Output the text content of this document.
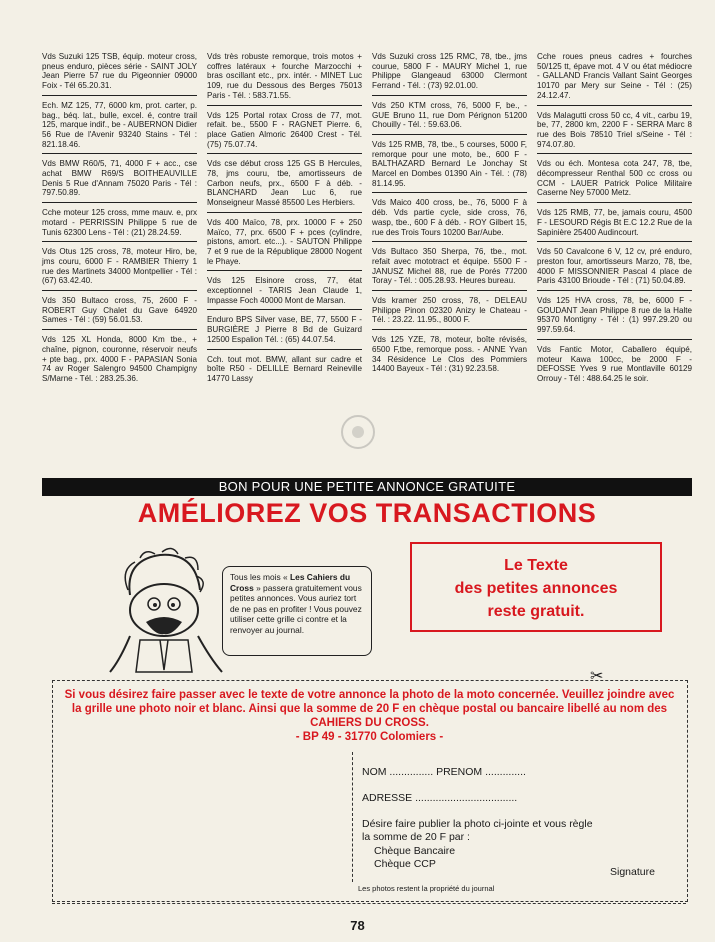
Vds Suzuki 125 TSB, équip. moteur cross, pneus enduro, pièces série - SAINT JOLY Jean Pierre 57 rue du Pigeonnier 09000 Foix - Tél 65.20.31.
Ech. MZ 125, 77, 6000 km, prot. carter, p. bag., béq. lat., bulle, excel. é, contre trail 125, marque indif., be - AUBERNON Didier 56 Rue de l'Avenir 93240 Stains - Tél : 821.18.46.
Vds BMW R60/5, 71, 4000 F + acc., cse achat BMW R69/S BOITHEAUVILLE Denis 5 Rue d'Annam 75020 Paris - Tél : 797.50.89.
Cche moteur 125 cross, mme mauv. e, prx motard - PERRISSIN Philippe 5 rue de Tunis 62300 Lens - Tél : (21) 28.24.59.
Vds Otus 125 cross, 78, moteur Hiro, be, jms couru, 6000 F - RAMBIER Thierry 1 rue des Martinets 34000 Montpellier - Tél : (67) 63.42.40.
Vds 350 Bultaco cross, 75, 2600 F - ROBERT Guy Chalet du Gave 64920 Sames - Tél : (59) 56.01.53.
Vds 125 XL Honda, 8000 Km tbe., + chaîne, pignon, couronne, réservoir neufs + pte bag., prx. 4000 F - PAPASIAN Sonia 74 av Roger Salengro 94500 Champigny S/Marne - Tél. : 283.25.36.
Vds très robuste remorque, trois motos + coffres latéraux + fourche Marzocchi + bras oscillant etc., prx. intér. - MINET Luc 109, rue du Dessous des Berges 75013 Paris - Tél. : 583.71.55.
Vds 125 Portal rotax Cross de 77, mot. refait. be., 5500 F - RAGNET Pierre. 6, place Gatien Almoric 26400 Crest - Tél. (75) 75.07.74.
Vds cse début cross 125 GS B Hercules, 78, jms couru, tbe, amortisseurs de Carbon neufs, prx., 6500 F à déb. - BLANCHARD Jean Luc 6, rue Monseigneur Massé 85500 Les Herbiers.
Vds 400 Maïco, 78, prx. 10000 F + 250 Maïco, 77, prx. 6500 F + pces (cylindre, pistons, amort. etc...). - SAUTON Philippe 7 et 9 rue de la République 28000 Nogent le Phaye.
Vds 125 Elsinore cross, 77, état exceptionnel - TARIS Jean Claude 1, Impasse Foch 40000 Mont de Marsan.
Enduro BPS Silver vase, BE, 77, 5500 F - BURGIÈRE J Pierre 8 Bd de Guizard 12500 Espalion Tél. : (65) 44.07.54.
Cch. tout mot. BMW, allant sur cadre et boîte R50 - DELILLE Bernard Reineville 14770 Lassy
Vds Suzuki cross 125 RMC, 78, tbe., jms courue, 5800 F - MAURY Michel 1, rue Philippe Glangeaud 63000 Clermont Ferrand - Tél. : (73) 92.01.00.
Vds 250 KTM cross, 76, 5000 F, be., - GUE Bruno 11, rue Dom Pérignon 51200 Chouilly - Tél. : 59.63.06.
Vds 125 RMB, 78, tbe., 5 courses, 5000 F, remorque pour une moto, be., 600 F - BALTHAZARD Bernard Le Jonchay St Marcel en Dombes 01390 Ain - Tél. : (78) 81.14.95.
Vds Maico 400 cross, be., 76, 5000 F à déb. Vds partie cycle, side cross, 76, wasp, tbe., 600 F à déb. - ROY Gilbert 15, rue des Trois Tours 10200 Bar/Aube.
Vds Bultaco 350 Sherpa, 76, tbe., mot. refait avec mototract et équipe. 5500 F - JANUSZ Michel 88, rue de Porés 77200 Toray - Tél. : 005.28.93. Heures bureau.
Vds kramer 250 cross, 78, - DELEAU Philippe Pinon 02320 Anizy le Chateau - Tél. : 23.22. 11.95., 8000 F.
Vds 125 YZE, 78, moteur, boîte révisés, 6500 F,tbe, remorque poss. - ANNE Yvan 34 Résidence Le Clos des Pommiers 14400 Bayeux - Tél : (31) 92.23.58.
Cche roues pneus cadres + fourches 50/125 tt, épave mot. 4 V ou état médiocre - GALLAND Francis Vallant Saint Georges 10170 par Mery sur Seine - Tél : (25) 24.12.47.
Vds Malagutti cross 50 cc, 4 vit., carbu 19, be, 77, 2800 km, 2200 F - SERRA Marc 8 rue des Bois 78510 Triel s/Seine - Tél : 974.07.80.
Vds ou éch. Montesa cota 247, 78, tbe, décompresseur Renthal 500 cc cross ou CCM - LAUER Patrick Police Militaire Caserne Ney 57000 Metz.
Vds 125 RMB, 77, be, jamais couru, 4500 F - LESOURD Régis Bt E.C 12.2 Rue de la Sapinière 25400 Audincourt.
Vds 50 Cavalcone 6 V, 12 cv, pré enduro, preston four, amortisseurs Marzo, 78, tbe, 4000 F MISSONNIER Pascal 4 place de Paris 43100 Brioude - Tél : (71) 50.04.89.
Vds 125 HVA cross, 78, be, 6000 F - GOUDANT Jean Philippe 8 rue de la Halte 95370 Montigny - Tél : (1) 997.29.20 ou 997.59.64.
Vds Fantic Motor, Caballero équipé, moteur Kawa 100cc, be 2000 F - DEFOSSE Yves 9 rue Montlaville 60129 Orrouy - Tél : 488.64.25 le soir.
BON POUR UNE PETITE ANNONCE GRATUITE
AMÉLIOREZ VOS TRANSACTIONS
Tous les mois « Les Cahiers du Cross » passera gratuitement vous petites annonces. Vous auriez tort de ne pas en profiter ! Vous pouvez utiliser cette grille ci contre et la renvoyer au journal.
Le Texte
des petites annonces
reste gratuit.
✂
Si vous désirez faire passer avec le texte de votre annonce la photo de la moto concernée. Veuillez joindre avec la grille une photo noir et blanc. Ainsi que la somme de 20 F en chèque postal ou bancaire libellé au nom des CAHIERS DU CROSS.
- BP 49 - 31770 Colomiers -
NOM ............... PRENOM ..............
ADRESSE ...................................
Désire faire publier la photo ci-jointe et vous règle
la somme de 20 F par :
Chèque Bancaire
Chèque CCP
Signature
Les photos restent la propriété du journal
78
